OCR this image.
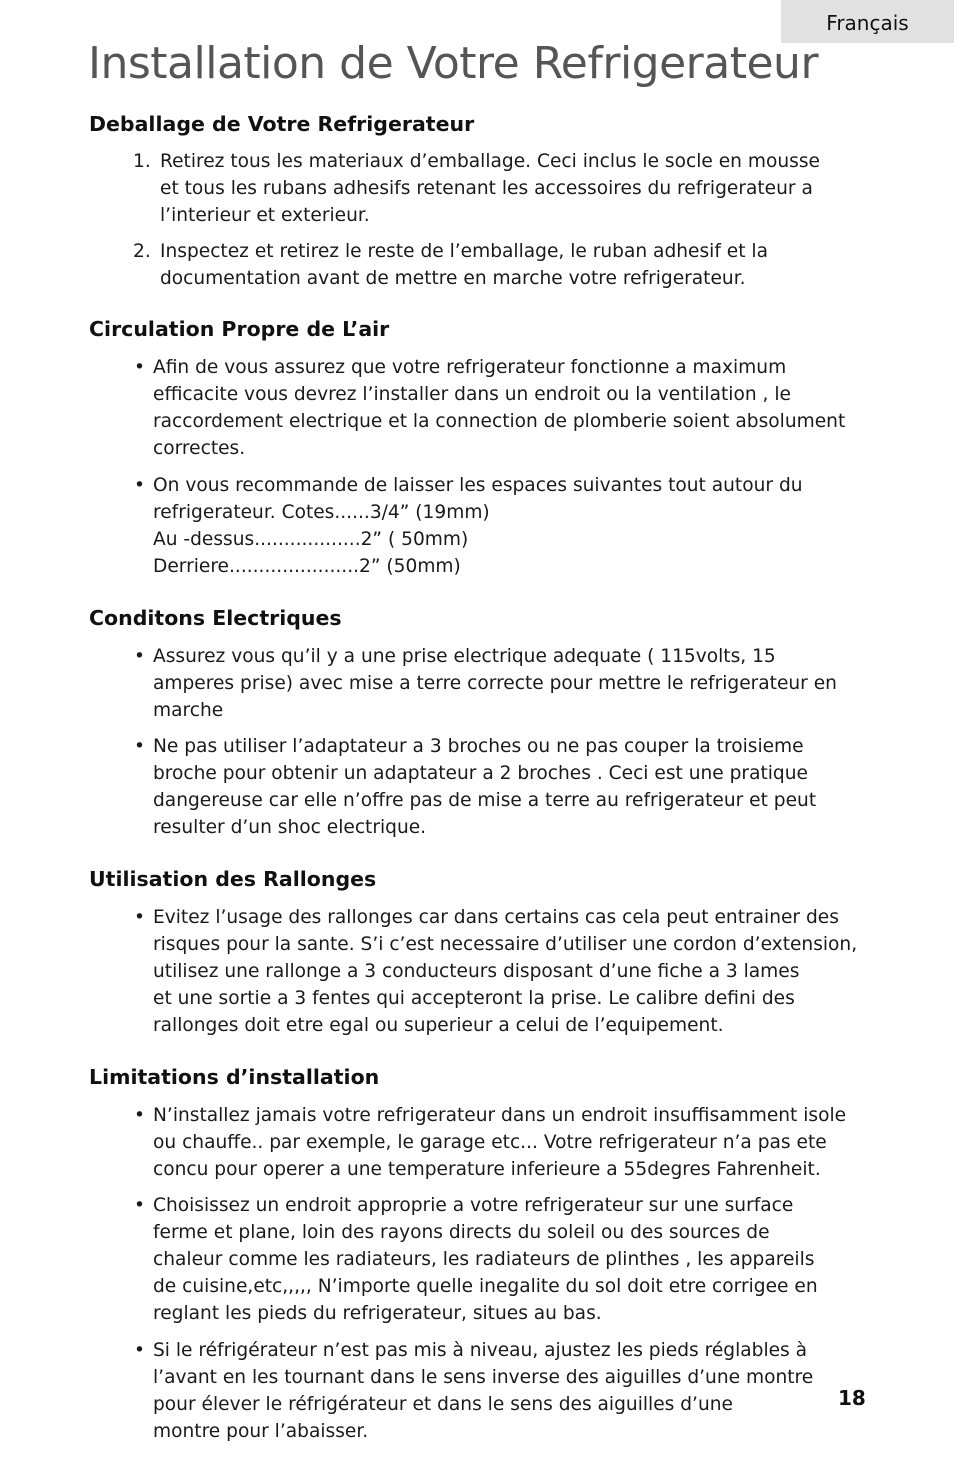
Français
Installation de Votre Refrigerateur
Deballage de Votre Refrigerateur
1. Retirez tous les materiaux d’emballage. Ceci inclus le socle en mousse
et tous les rubans adhesifs retenant les accessoires du refrigerateur a
l’interieur et exterieur.
2. Inspectez et retirez le reste de l’emballage, le ruban adhesif et la
documentation avant de mettre en marche votre refrigerateur.
Circulation Propre de L’air
• Afin de vous assurez que votre refrigerateur fonctionne a maximum
efficacite vous devrez l’installer dans un endroit ou la ventilation , le
raccordement electrique et la connection de plomberie soient absolument
correctes.
• On vous recommande de laisser les espaces suivantes tout autour du
refrigerateur. Cotes......3/4” (19mm)
Au -dessus..................2” ( 50mm)
Derriere......................2” (50mm)
Conditons Electriques
• Assurez vous qu’il y a une prise electrique adequate ( 115volts, 15
amperes prise) avec mise a terre correcte pour mettre le refrigerateur en
marche
• Ne pas utiliser l’adaptateur a 3 broches ou ne pas couper la troisieme
broche pour obtenir un adaptateur a 2 broches . Ceci est une pratique
dangereuse car elle n’offre pas de mise a terre au refrigerateur et peut
resulter d’un shoc electrique.
Utilisation des Rallonges
• Evitez l’usage des rallonges car dans certains cas cela peut entrainer des
risques pour la sante. S’i c’est necessaire d’utiliser une cordon d’extension,
utilisez une rallonge a 3 conducteurs disposant d’une fiche a 3 lames
et une sortie a 3 fentes qui accepteront la prise. Le calibre defini des
rallonges doit etre egal ou superieur a celui de l’equipement.
Limitations d’installation
• N’installez jamais votre refrigerateur dans un endroit insuffisamment isole
ou chauffe.. par exemple, le garage etc... Votre refrigerateur n’a pas ete
concu pour operer a une temperature inferieure a 55degres Fahrenheit.
• Choisissez un endroit approprie a votre refrigerateur sur une surface
ferme et plane, loin des rayons directs du soleil ou des sources de
chaleur comme les radiateurs, les radiateurs de plinthes , les appareils
de cuisine,etc,,,,, N’importe quelle inegalite du sol doit etre corrigee en
reglant les pieds du refrigerateur, situes au bas.
• Si le réfrigérateur n’est pas mis à niveau, ajustez les pieds réglables à
l’avant en les tournant dans le sens inverse des aiguilles d’une montre
pour élever le réfrigérateur et dans le sens des aiguilles d’une
montre pour l’abaisser.
18
